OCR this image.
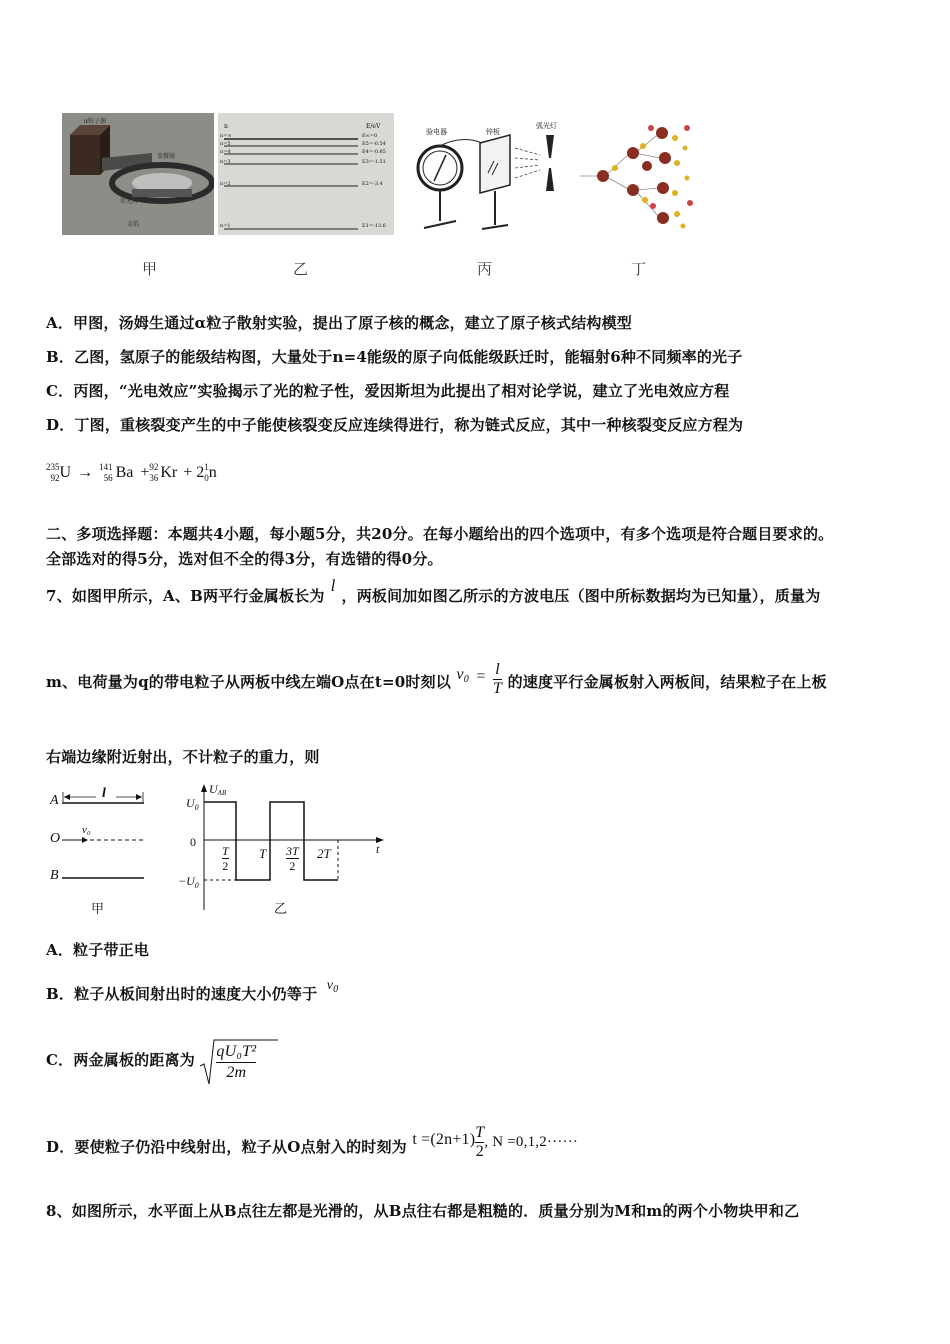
α粒子源
显微镜
荧光屏
金箔
甲
n	E/eV
n=∞	E∞=0
n=5	E5=-0.54
n=4	E4=-0.85
n=3	E3=-1.51
n=2	E2=-3.4
n=1	E1=-13.6
乙
验电器	锌板
弧光灯
丙	丁
A．甲图，汤姆生通过α粒子散射实验，提出了原子核的概念，建立了原子核式结构模型
B．乙图，氢原子的能级结构图，大量处于n=4能级的原子向低能级跃迁时，能辐射6种不同频率的光子
C．丙图，“光电效应”实验揭示了光的粒子性，爱因斯坦为此提出了相对论学说，建立了光电效应方程
D．丁图，重核裂变产生的中子能使核裂变反应连续得进行，称为链式反应，其中一种核裂变反应方程为
235
92 U → 141
56 Ba + 92
36 Kr + 2 1
0 n
二、多项选择题：本题共4小题，每小题5分，共20分。在每小题给出的四个选项中，有多个选项是符合题目要求的。
全部选对的得5分，选对但不全的得3分，有选错的得0分。
7、如图甲所示，A、B两平行金属板长为l，两板间加如图乙所示的方波电压（图中所标数据均为已知量），质量为
m、电荷量为q的带电粒子从两板中线左端O点在t=0时刻以 $v_0 = \frac{l}{T}$ 的速度平行金属板射入两板间，结果粒子在上板
右端边缘附近射出，不计粒子的重力，则
A
B
O
l
v₀
甲	乙
UAB
$U_0$
$-U_0$
0
$\frac{T}{2}$ T $\frac{3T}{2} 2T$	t
A．粒子带正电
B．粒子从板间射出时的速度大小仍等于 $v_0$
C．两金属板的距离为 $\frac{\text{qU₀T²}}{2m}$
D．要使粒子仍沿中线射出，粒子从O点射入的时刻为 $t =(2n+1) \frac{T}{2}$ , N =0,1,2······
8、如图所示，水平面上从B点往左都是光滑的，从B点往右都是粗糙的．质量分别为M和m的两个小物块甲和乙
